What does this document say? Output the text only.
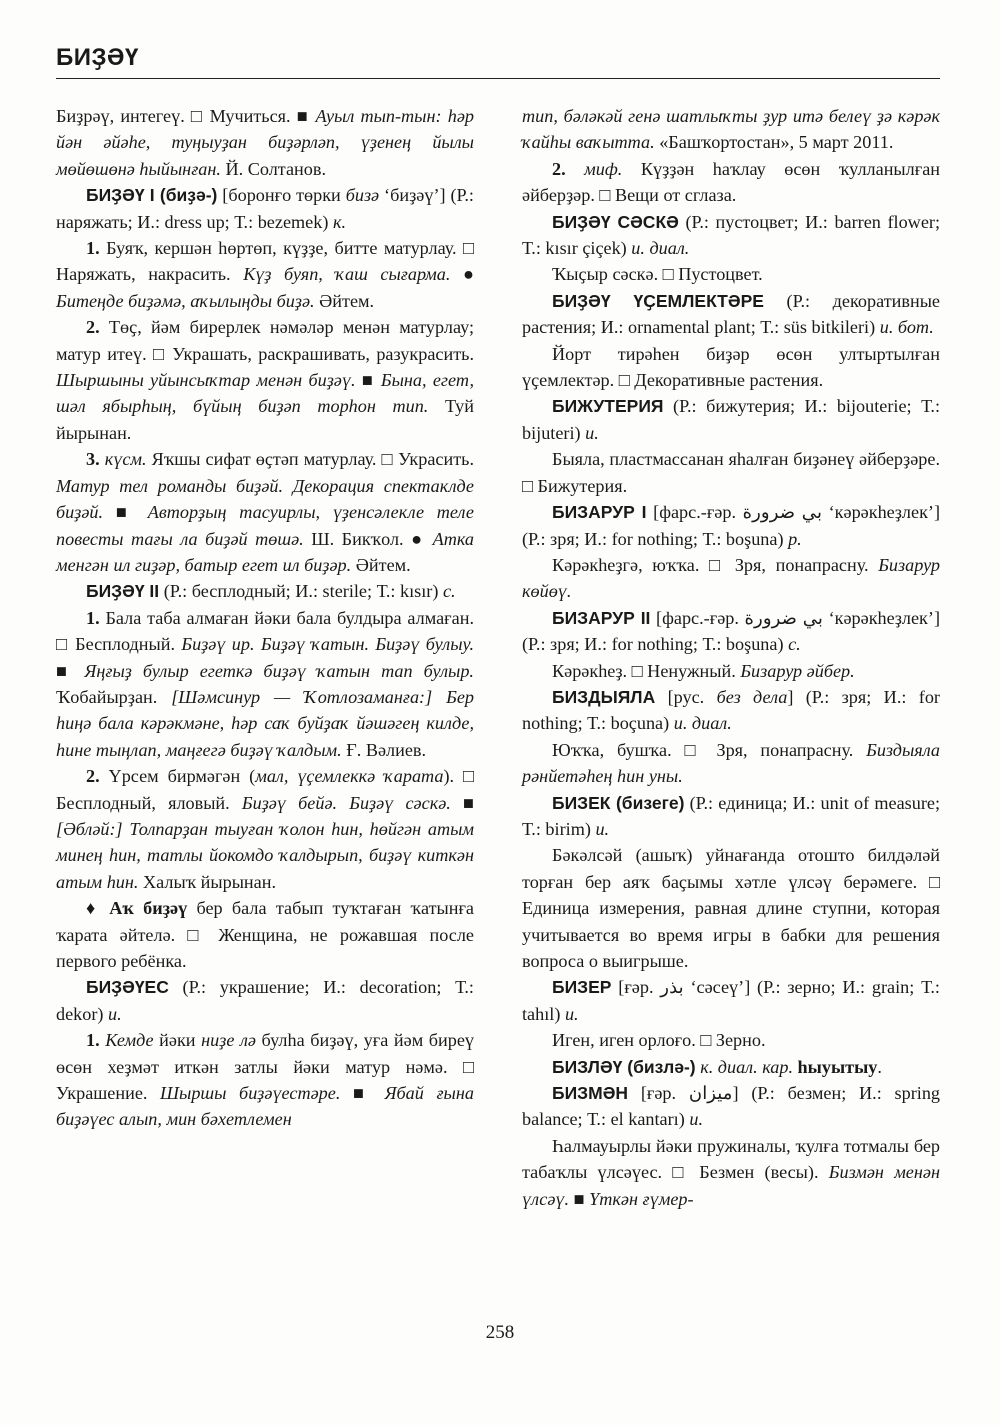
БИҘӘҮ

Биҙрәү, интегеү. □ Мучиться. ■ Ауыл тып-тын: һәр йән әйәһе, туңыуҙан биҙәрләп, үҙенең йылы мөйөшөнә һыйынған. Й. Солтанов.

БИҘӘҮ I (биҙә-) [боронғо төрки бизә ‘биҙәү’] (Р.: наряжать; И.: dress up; Т.: bezemek) к.

1. Буяҡ, кершән һөртөп, күҙҙе, битте матурлау. □ Наряжать, накрасить. Күҙ буяп, ҡаш сығарма. ● Битеңде биҙәмә, аҡылыңды биҙә. Әйтем.

2. Төҫ, йәм бирерлек нәмәләр менән матурлау; матур итеү. □ Украшать, раскрашивать, разукрасить. Шыршыны уйынсыҡтар менән биҙәү. ■ Бына, егет, шәл ябырһың, бүйың биҙәп торһон тип. Туй йырынан.

3. күсм. Яҡшы сифат өҫтәп матурлау. □ Украсить. Матур тел романды биҙәй. Декорация спектаклде биҙәй. ■ Авторҙың тасуирлы, үҙенсәлекле теле повесты тағы ла биҙәй төшә. Ш. Бикҡол. ● Атка менгән ил гиҙәр, батыр егет ил биҙәр. Әйтем.

БИҘӘҮ II (Р.: бесплодный; И.: sterile; Т.: kısır) с.

1. Бала таба алмаған йәки бала булдыра алмаған. □ Бесплодный. Биҙәү ир. Биҙәү ҡатын. Биҙәү булыу. ■ Яңғыҙ булыр егеткә биҙәү ҡатын тап булыр. Ҡобайырҙан. [Шәмсинур — Ҡотлозаманға:] Бер һиңә бала кәрәкмәне, һәр саҡ буйҙаҡ йәшәгең килде, һине тыңлап, маңғегә биҙәү ҡалдым. Ғ. Вәлиев.

2. Үрсем бирмәгән (мал, үҫемлеккә ҡарата). □ Бесплодный, яловый. Биҙәү бейә. Биҙәү сәскә. ■ [Әбләй:] Толпарҙан тыуған ҡолон һин, һөйгән атым минең һин, татлы йокомдо ҡалдырып, биҙәү киткән атым һин. Халыҡ йырынан.

♦ Аҡ биҙәү бер бала табып туҡтаған ҡатынға ҡарата әйтелә. □ Женщина, не рожавшая после первого ребёнка.

БИҘӘҮЕС (Р.: украшение; И.: decoration; Т.: dekor) и.

1. Кемде йәки ниҙе лә булһа биҙәү, уға йәм биреү өсөн хеҙмәт иткән затлы йәки матур нәмә. □ Украшение. Шыршы биҙәүестәре. ■ Ябай ғына биҙәүес алып, мин бәхетлемен

тип, бәләкәй генә шатлыҡты ҙур итә белеү ҙә кәрәк ҡайһы ваҡытта. «Башҡортостан», 5 март 2011.

2. миф. Күҙҙән һаҡлау өсөн ҡулланылған әйберҙәр. □ Вещи от сглаза.

БИҘӘҮ СӘСКӘ (Р.: пустоцвет; И.: barren flower; Т.: kısır çiçek) и. диал.

Ҡыҫыр сәскә. □ Пустоцвет.

БИҘӘҮ ҮҪЕМЛЕКТӘРЕ (Р.: декоративные растения; И.: ornamental plant; Т.: süs bitkileri) и. бот.

Йорт тирәһен биҙәр өсөн ултыртылған үҫемлектәр. □ Декоративные растения.

БИЖУТЕРИЯ (Р.: бижутерия; И.: bijouterie; Т.: bijuteri) и.

Быяла, пластмассанан яһалған биҙәнеү әйберҙәре. □ Бижутерия.

БИЗАРУР I [фарс.-ғәр. بي ضرورة ‘кәрәкһеҙлек’] (Р.: зря; И.: for nothing; Т.: boşuna) р.

Кәрәкһеҙгә, юҡҡа. □ Зря, понапрасну. Бизарур көйөү.

БИЗАРУР II [фарс.-ғәр. بي ضرورة ‘кәрәкһеҙлек’] (Р.: зря; И.: for nothing; Т.: boşuna) с.

Кәрәкһеҙ. □ Ненужный. Бизарур әйбер.

БИЗДЫЯЛА [рус. без дела] (Р.: зря; И.: for nothing; Т.: boçuna) и. диал.

Юҡҡа, бушҡа. □ Зря, понапрасну. Биздыяла рәнйетәһең һин уны.

БИЗЕК (бизеге) (Р.: единица; И.: unit of measure; Т.: birim) и.

Бәкәлсәй (ашыҡ) уйнағанда отошто билдәләй торған бер аяҡ баҫымы хәтле үлсәү берәмеге. □ Единица измерения, равная длине ступни, которая учитывается во время игры в бабки для решения вопроса о выигрыше.

БИЗЕР [ғәр. بذر ‘сәсеү’] (Р.: зерно; И.: grain; Т.: tahıl) и.

Иген, иген орлоғо. □ Зерно.

БИЗЛӘҮ (бизлә-) к. диал. кар. һыуытыу.

БИЗМӘН [ғәр. ميزان] (Р.: безмен; И.: spring balance; Т.: el kantarı) и.

Һалмауырлы йәки пружиналы, ҡулға тотмалы бер табаҡлы үлсәүес. □ Безмен (весы). Бизмән менән үлсәү. ■ Үткән ғүмер-

258
